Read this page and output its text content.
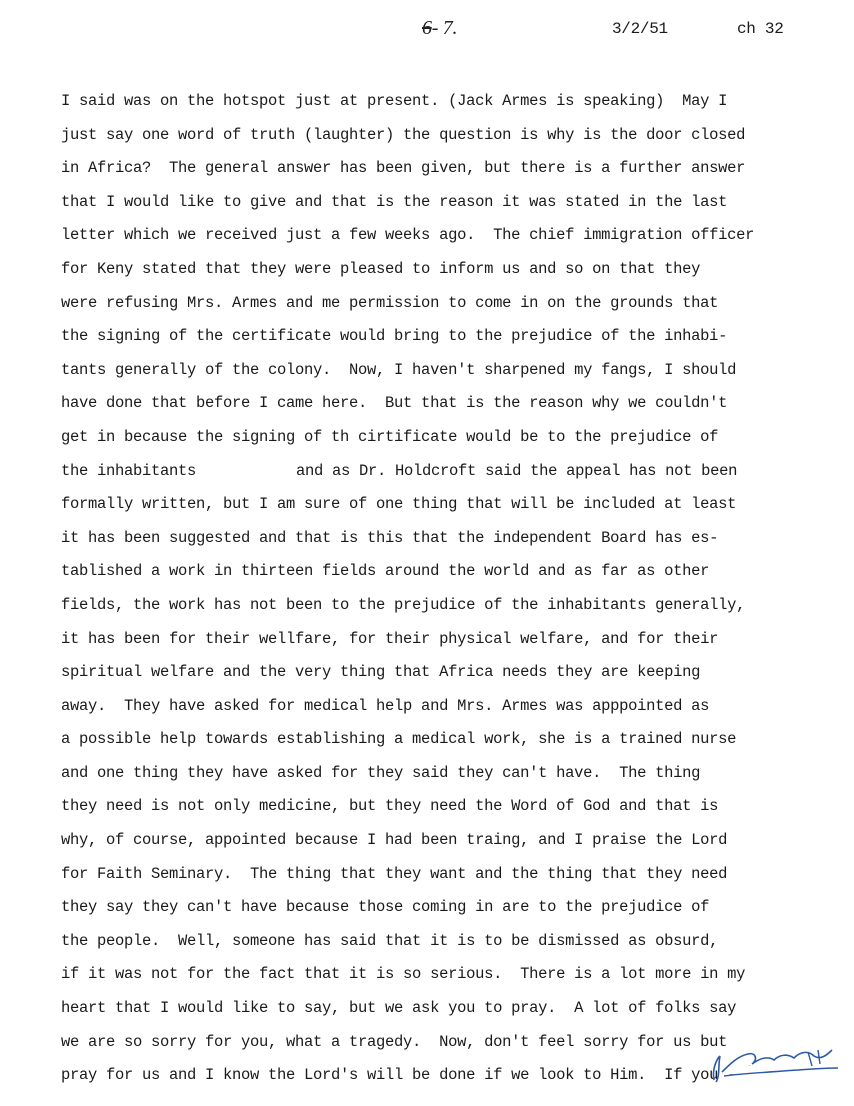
6- 7.	3/2/51	ch 32
I said was on the hotspot just at present. (Jack Armes is speaking)  May I
just say one word of truth (laughter) the question is why is the door closed
in Africa?  The general answer has been given, but there is a further answer
that I would like to give and that is the reason it was stated in the last
letter which we received just a few weeks ago.  The chief immigration officer
for Keny stated that they were pleased to inform us and so on that they
were refusing Mrs. Armes and me permission to come in on the grounds that
the signing of the certificate would bring to the prejudice of the inhabi-
tants generally of the colony.  Now, I haven't sharpened my fangs, I should
have done that before I came here.  But that is the reason why we couldn't
get in because the signing of th cirtificate would be to the prejudice of
the inhabitants	and as Dr. Holdcroft said the appeal has not been
formally written, but I am sure of one thing that will be included at least
it has been suggested and that is this that the independent Board has es-
tablished a work in thirteen fields around the world and as far as other
fields, the work has not been to the prejudice of the inhabitants generally,
it has been for their wellfare, for their physical welfare, and for their
spiritual welfare and the very thing that Africa needs they are keeping
away.  They have asked for medical help and Mrs. Armes was apppointed as
a possible help towards establishing a medical work, she is a trained nurse
and one thing they have asked for they said they can't have.  The thing
they need is not only medicine, but they need the Word of God and that is
why, of course, appointed because I had been traing, and I praise the Lord
for Faith Seminary.  The thing that they want and the thing that they need
they say they can't have because those coming in are to the prejudice of
the people.  Well, someone has said that it is to be dismissed as obsurd,
if it was not for the fact that it is so serious.  There is a lot more in my
heart that I would like to say, but we ask you to pray.  A lot of folks say
we are so sorry for you, what a tragedy.  Now, don't feel sorry for us but
pray for us and I know the Lord's will be done if we look to Him.  If you -	Holdcroft
